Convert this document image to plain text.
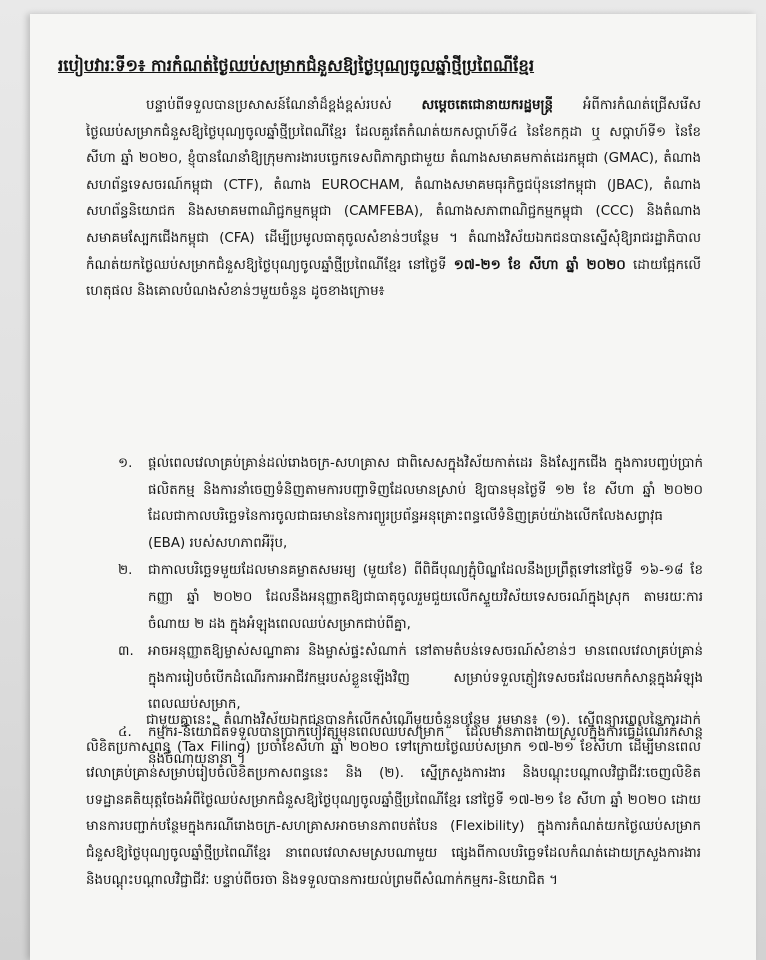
របៀបវារៈទី១៖ ការកំណត់ថ្ងៃឈប់សម្រាកជំនួសឱ្យថ្ងៃបុណ្យចូលឆ្នាំថ្មីប្រពៃណីខ្មែរ

បន្ទាប់ពីទទួលបានប្រសាសន៍ណែនាំដ៏ខ្ពង់ខ្ពស់របស់ សម្តេចតេជោនាយករដ្ឋមន្ត្រី អំពីការកំណត់ជ្រើសរើសថ្ងៃឈប់សម្រាកជំនួសឱ្យថ្ងៃបុណ្យចូលឆ្នាំថ្មីប្រពៃណីខ្មែរ ដែលគួរតែកំណត់យកសប្តាហ៍ទី៤ នៃខែកក្កដា ឬ សប្តាហ៍ទី១ នៃខែសីហា ឆ្នាំ ២០២០, ខ្ញុំបានណែនាំឱ្យក្រុមការងារបច្ចេកទេសពិភាក្សាជាមួយ តំណាងសមាគមកាត់ដេរកម្ពុជា (GMAC), តំណាងសហព័ន្ធទេសចរណ៍កម្ពុជា (CTF), តំណាង EUROCHAM, តំណាងសមាគមធុរកិច្ចជប៉ុននៅកម្ពុជា (JBAC), តំណាងសហព័ន្ធនិយោជក និងសមាគមពាណិជ្ជកម្មកម្ពុជា (CAMFEBA), តំណាងសភាពាណិជ្ជកម្មកម្ពុជា (CCC) និងតំណាងសមាគមស្បែកជើងកម្ពុជា (CFA) ដើម្បីប្រមូលធាតុចូលសំខាន់ៗបន្ថែម ។ តំណាងវិស័យឯកជនបានស្នើសុំឱ្យរាជរដ្ឋាភិបាលកំណត់យកថ្ងៃឈប់សម្រាកជំនួសឱ្យថ្ងៃបុណ្យចូលឆ្នាំថ្មីប្រពៃណីខ្មែរ នៅថ្ងៃទី ១៧-២១ ខែ សីហា ឆ្នាំ ២០២០ ដោយផ្អែកលើហេតុផល និងគោលបំណងសំខាន់ៗមួយចំនួន ដូចខាងក្រោម៖

១. ផ្តល់ពេលវេលាគ្រប់គ្រាន់ដល់រោងចក្រ-សហគ្រាស ជាពិសេសក្នុងវិស័យកាត់ដេរ និងស្បែកជើង ក្នុងការបញ្ចប់ប្រាក់ផលិតកម្ម និងការនាំចេញទំនិញតាមការបញ្ជាទិញដែលមានស្រាប់ ឱ្យបានមុនថ្ងៃទី ១២ ខែ សីហា ឆ្នាំ ២០២០ ដែលជាកាលបរិច្ឆេទនៃការចូលជាធរមាននៃការព្យួរប្រព័ន្ធអនុគ្រោះពន្ធលើទំនិញគ្រប់យ៉ាងលើកលែងសព្វាវុធ (EBA) របស់សហភាពអឺរ៉ុប,
២. ជាកាលបរិច្ឆេទមួយដែលមានគម្លាតសមរម្យ (មួយខែ) ពីពិធីបុណ្យភ្ជុំបិណ្ឌដែលនឹងប្រព្រឹត្តទៅនៅថ្ងៃទី ១៦-១៨ ខែ កញ្ញា ឆ្នាំ ២០២០ ដែលនឹងអនុញ្ញាតឱ្យជាធាតុចូលរួមជួយលើកស្ទួយវិស័យទេសចរណ៍ក្នុងស្រុក តាមរយៈការចំណាយ ២ ដង ក្នុងអំឡុងពេលឈប់សម្រាកជាប់ពីគ្នា,
៣. អាចអនុញ្ញាតឱ្យម្ចាស់សណ្ឋាគារ និងម្ចាស់ផ្ទះសំណាក់ នៅតាមតំបន់ទេសចរណ៍សំខាន់ៗ មានពេលវេលាគ្រប់គ្រាន់ ក្នុងការរៀបចំបើកដំណើរការអាជីវកម្មរបស់ខ្លួនឡើងវិញ សម្រាប់ទទួលភ្ញៀវទេសចរដែលមកកំសាន្តក្នុងអំឡុងពេលឈប់សម្រាក,
៤. កម្មករ-និយោជិតទទួលបានប្រាក់បៀវត្សមុនពេលឈប់សម្រាក ដែលមានភាពងាយស្រួលក្នុងការធ្វើដំណើរកំសាន្ត និងចំណាយនានា ។

ជាមួយគ្នានេះ, តំណាងវិស័យឯកជនបានកំលើកសំណើមួយចំនួនបន្ថែម រួមមាន៖ (១). ស្នើពន្យារពេលនៃការដាក់លិខិតប្រកាសពន្ធ (Tax Filing) ប្រចាំខែសីហា ឆ្នាំ ២០២០ ទៅក្រោយថ្ងៃឈប់សម្រាក ១៧-២១ ខែសីហា ដើម្បីមានពេលវេលាគ្រប់គ្រាន់សម្រាប់រៀបចំលិខិតប្រកាសពន្ធនេះ និង (២). ស្នើក្រសួងការងារ និងបណ្តុះបណ្តាលវិជ្ជាជីវៈចេញលិខិតបទដ្ឋានគតិយុត្តចែងអំពីថ្ងៃឈប់សម្រាកជំនួសឱ្យថ្ងៃបុណ្យចូលឆ្នាំថ្មីប្រពៃណីខ្មែរ នៅថ្ងៃទី ១៧-២១ ខែ សីហា ឆ្នាំ ២០២០ ដោយមានការបញ្ជាក់បន្ថែមក្នុងករណីរោងចក្រ-សហគ្រាសអាចមានភាពបត់បែន (Flexibility) ក្នុងការកំណត់យកថ្ងៃឈប់សម្រាកជំនួសឱ្យថ្ងៃបុណ្យចូលឆ្នាំថ្មីប្រពៃណីខ្មែរ នាពេលវេលាសមស្របណាមួយ ផ្សេងពីកាលបរិច្ឆេទដែលកំណត់ដោយក្រសួងការងារ និងបណ្តុះបណ្តាលវិជ្ជាជីវៈ បន្ទាប់ពីចរចា និងទទួលបានការយល់ព្រមពីសំណាក់កម្មករ-និយោជិត ។
